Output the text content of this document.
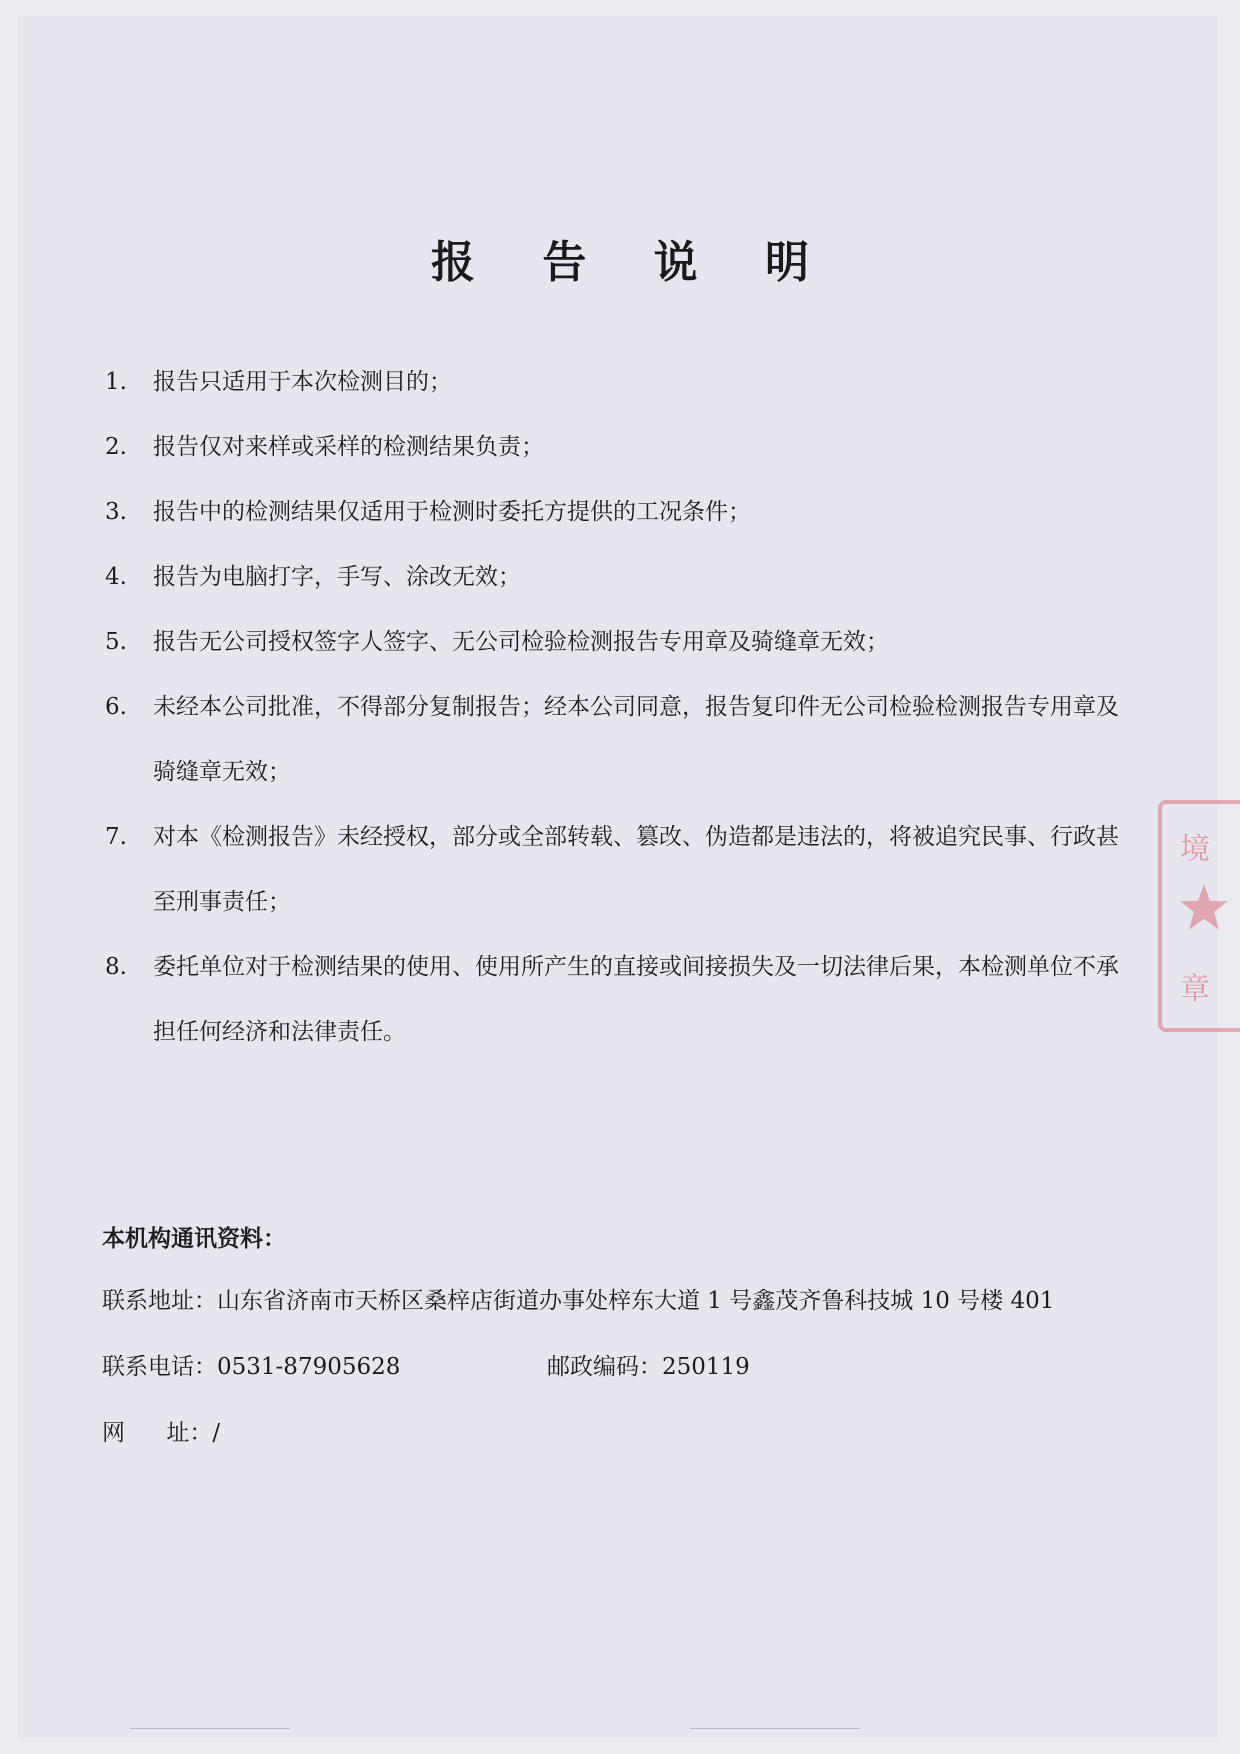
报 告 说 明
1.	报告只适用于本次检测目的；
2.	报告仅对来样或采样的检测结果负责；
3.	报告中的检测结果仅适用于检测时委托方提供的工况条件；
4.	报告为电脑打字，手写、涂改无效；
5.	报告无公司授权签字人签字、无公司检验检测报告专用章及骑缝章无效；
6.	未经本公司批准，不得部分复制报告；经本公司同意，报告复印件无公司检验检测报告专用章及骑缝章无效；
7.	对本《检测报告》未经授权，部分或全部转载、篡改、伪造都是违法的，将被追究民事、行政甚至刑事责任；
8.	委托单位对于检测结果的使用、使用所产生的直接或间接损失及一切法律后果，本检测单位不承担任何经济和法律责任。
本机构通讯资料：
联系地址：山东省济南市天桥区桑梓店街道办事处梓东大道 1 号鑫茂齐鲁科技城 10 号楼 401
联系电话：0531-87905628	邮政编码：250119
网址：/
境
章
